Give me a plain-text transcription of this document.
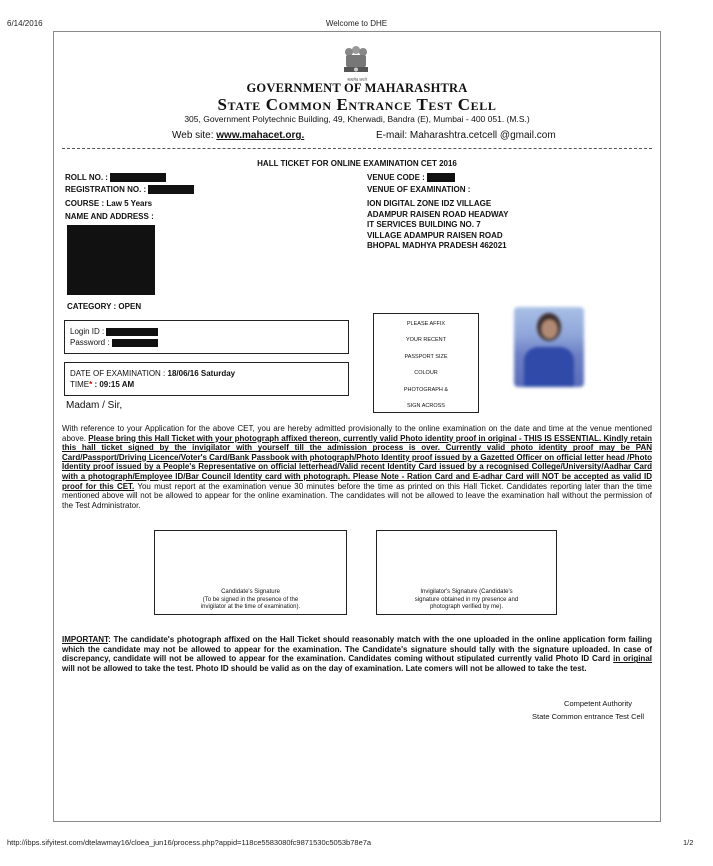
6/14/2016	Welcome to DHE
सत्यमेव जयते
GOVERNMENT OF MAHARASHTRA
State Common Entrance Test Cell
305, Government Polytechnic Building, 49, Kherwadi, Bandra (E), Mumbai - 400 051. (M.S.)
Web site: www.mahacet.org.	E-mail: Maharashtra.cetcell @gmail.com
HALL TICKET FOR ONLINE EXAMINATION CET 2016
ROLL NO. :
REGISTRATION NO. :
COURSE : Law 5 Years
NAME AND ADDRESS :
CATEGORY : OPEN
VENUE CODE :
VENUE OF EXAMINATION :
ION DIGITAL ZONE IDZ VILLAGE
ADAMPUR RAISEN ROAD HEADWAY
IT SERVICES BUILDING NO. 7
VILLAGE ADAMPUR RAISEN ROAD
BHOPAL MADHYA PRADESH 462021
Login ID :
Password :
DATE OF EXAMINATION : 18/06/16 Saturday
TIME* : 09:15 AM
Madam / Sir,
PLEASE AFFIX
YOUR RECENT
PASSPORT SIZE
COLOUR
PHOTOGRAPH &
SIGN ACROSS
With reference to your Application for the above CET, you are hereby admitted provisionally to the online examination on the date and time at the venue mentioned above. Please bring this Hall Ticket with your photograph affixed thereon, currently valid Photo identity proof in original - THIS IS ESSENTIAL. Kindly retain this hall ticket signed by the invigilator with yourself till the admission process is over. Currently valid photo identity proof may be PAN Card/Passport/Driving Licence/Voter's Card/Bank Passbook with photograph/Photo Identity proof issued by a Gazetted Officer on official letter head /Photo Identity proof issued by a People's Representative on official letterhead/Valid recent Identity Card issued by a recognised College/University/Aadhar Card with a photograph/Employee ID/Bar Council Identity card with photograph. Please Note - Ration Card and E-adhar Card will NOT be accepted as valid ID proof for this CET. You must report at the examination venue 30 minutes before the time as printed on this Hall Ticket. Candidates reporting later than the time mentioned above will not be allowed to appear for the online examination. The candidates will not be allowed to leave the examination hall without the permission of the Test Administrator.
Candidate's Signature
(To be signed in the presence of the
invigilator at the time of examination).
Invigilator's Signature (Candidate's
signature obtained in my presence and
photograph verified by me).
IMPORTANT: The candidate's photograph affixed on the Hall Ticket should reasonably match with the one uploaded in the online application form failing which the candidate may not be allowed to appear for the examination. The Candidate's signature should tally with the signature uploaded. In case of discrepancy, candidate will not be allowed to appear for the examination. Candidates coming without stipulated currently valid Photo ID Card in original will not be allowed to take the test. Photo ID should be valid as on the day of examination. Late comers will not be allowed to take the test.
Competent Authority
State Common entrance Test Cell
http://ibps.sifyitest.com/dtelawmay16/cloea_jun16/process.php?appid=118ce5583080fc9871530c5053b78e7a	1/2
